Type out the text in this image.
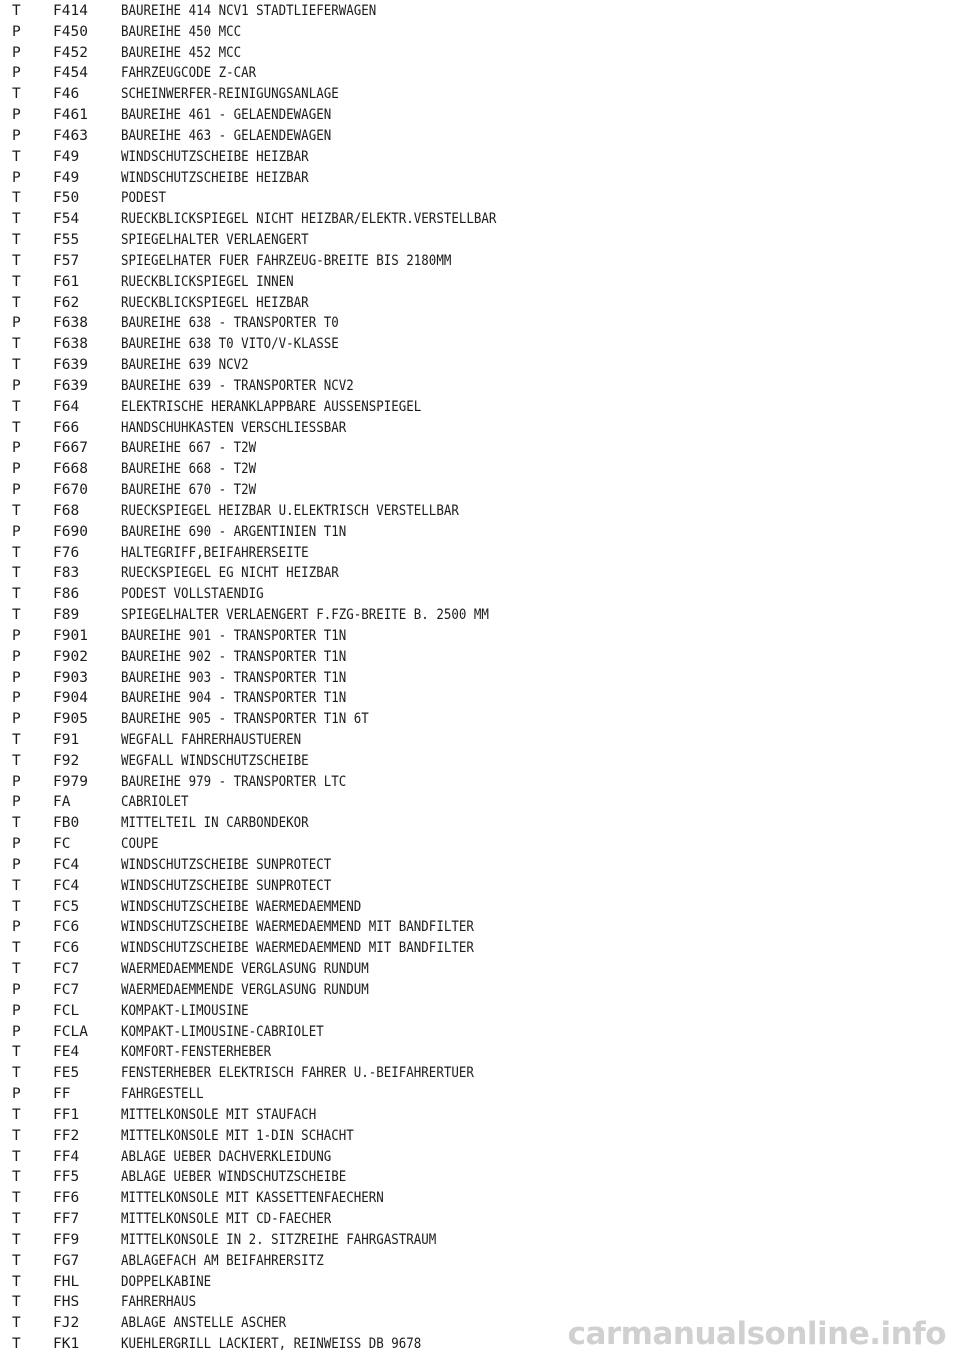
T F414 BAUREIHE 414 NCV1 STADTLIEFERWAGEN
P F450 BAUREIHE 450 MCC
P F452 BAUREIHE 452 MCC
P F454 FAHRZEUGCODE Z-CAR
T F46	SCHEINWERFER-REINIGUNGSANLAGE
P F461 BAUREIHE 461 - GELAENDEWAGEN
P F463 BAUREIHE 463 - GELAENDEWAGEN
T F49	WINDSCHUTZSCHEIBE HEIZBAR
P F49	WINDSCHUTZSCHEIBE HEIZBAR
T F50	PODEST
T F54	RUECKBLICKSPIEGEL NICHT HEIZBAR/ELEKTR.VERSTELLBAR
T F55	SPIEGELHALTER VERLAENGERT
T F57	SPIEGELHATER FUER FAHRZEUG-BREITE BIS 2180MM
T F61	RUECKBLICKSPIEGEL INNEN
T F62	RUECKBLICKSPIEGEL HEIZBAR
P F638 BAUREIHE 638 - TRANSPORTER T0
T F638 BAUREIHE 638 T0 VITO/V-KLASSE
T F639 BAUREIHE 639 NCV2
P F639 BAUREIHE 639 - TRANSPORTER NCV2
T F64	ELEKTRISCHE HERANKLAPPBARE AUSSENSPIEGEL
T F66	HANDSCHUHKASTEN VERSCHLIESSBAR
P F667 BAUREIHE 667 - T2W
P F668 BAUREIHE 668 - T2W
P F670 BAUREIHE 670 - T2W
T F68	RUECKSPIEGEL HEIZBAR U.ELEKTRISCH VERSTELLBAR
P F690 BAUREIHE 690 - ARGENTINIEN T1N
T F76	HALTEGRIFF,BEIFAHRERSEITE
T F83	RUECKSPIEGEL EG NICHT HEIZBAR
T F86	PODEST VOLLSTAENDIG
T F89	SPIEGELHALTER VERLAENGERT F.FZG-BREITE B. 2500 MM
P F901 BAUREIHE 901 - TRANSPORTER T1N
P F902 BAUREIHE 902 - TRANSPORTER T1N
P F903 BAUREIHE 903 - TRANSPORTER T1N
P F904 BAUREIHE 904 - TRANSPORTER T1N
P F905 BAUREIHE 905 - TRANSPORTER T1N 6T
T F91	WEGFALL FAHRERHAUSTUEREN
T F92	WEGFALL WINDSCHUTZSCHEIBE
P F979 BAUREIHE 979 - TRANSPORTER LTC
P FA	CABRIOLET
T FB0	MITTELTEIL IN CARBONDEKOR
P FC	COUPE
P FC4	WINDSCHUTZSCHEIBE SUNPROTECT
T FC4	WINDSCHUTZSCHEIBE SUNPROTECT
T FC5	WINDSCHUTZSCHEIBE WAERMEDAEMMEND
P FC6	WINDSCHUTZSCHEIBE WAERMEDAEMMEND MIT BANDFILTER
T FC6	WINDSCHUTZSCHEIBE WAERMEDAEMMEND MIT BANDFILTER
T FC7	WAERMEDAEMMENDE VERGLASUNG RUNDUM
P FC7	WAERMEDAEMMENDE VERGLASUNG RUNDUM
P FCL	KOMPAKT-LIMOUSINE
P FCLA KOMPAKT-LIMOUSINE-CABRIOLET
T FE4	KOMFORT-FENSTERHEBER
T FE5	FENSTERHEBER ELEKTRISCH FAHRER U.-BEIFAHRERTUER
P FF	FAHRGESTELL
T FF1	MITTELKONSOLE MIT STAUFACH
T FF2	MITTELKONSOLE MIT 1-DIN SCHACHT
T FF4	ABLAGE UEBER DACHVERKLEIDUNG
T FF5	ABLAGE UEBER WINDSCHUTZSCHEIBE
T FF6	MITTELKONSOLE MIT KASSETTENFAECHERN
T FF7	MITTELKONSOLE MIT CD-FAECHER
T FF9	MITTELKONSOLE IN 2. SITZREIHE FAHRGASTRAUM
T FG7	ABLAGEFACH AM BEIFAHRERSITZ
T FHL	DOPPELKABINE
T FHS	FAHRERHAUS
T FJ2	ABLAGE ANSTELLE ASCHER
T FK1	KUEHLERGRILL LACKIERT, REINWEISS DB 9678	carmanualsonline.info
